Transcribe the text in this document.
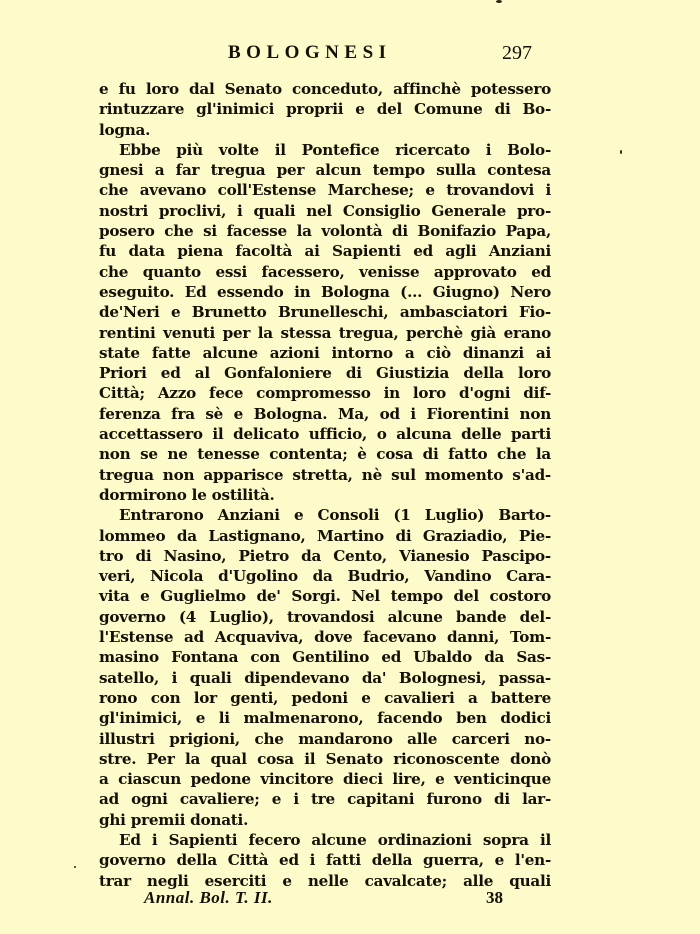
BOLOGNESI	297
e fu loro dal Senato conceduto, affinchè potessero
rintuzzare gl'inimici proprii e del Comune di Bo-
logna.
Ebbe più volte il Pontefice ricercato i Bolo-
gnesi a far tregua per alcun tempo sulla contesa
che avevano coll'Estense Marchese; e trovandovi i
nostri proclivi, i quali nel Consiglio Generale pro-
posero che si facesse la volontà di Bonifazio Papa,
fu data piena facoltà ai Sapienti ed agli Anziani
che quanto essi facessero, venisse approvato ed
eseguito. Ed essendo in Bologna (... Giugno) Nero
de'Neri e Brunetto Brunelleschi, ambasciatori Fio-
rentini venuti per la stessa tregua, perchè già erano
state fatte alcune azioni intorno a ciò dinanzi ai
Priori ed al Gonfaloniere di Giustizia della loro
Città; Azzo fece compromesso in loro d'ogni dif-
ferenza fra sè e Bologna. Ma, od i Fiorentini non
accettassero il delicato ufficio, o alcuna delle parti
non se ne tenesse contenta; è cosa di fatto che la
tregua non apparisce stretta, nè sul momento s'ad-
dormirono le ostilità.
Entrarono Anziani e Consoli (1 Luglio) Barto-
lommeo da Lastignano, Martino di Graziadio, Pie-
tro di Nasino, Pietro da Cento, Vianesio Pascipo-
veri, Nicola d'Ugolino da Budrio, Vandino Cara-
vita e Guglielmo de' Sorgi. Nel tempo del costoro
governo (4 Luglio), trovandosi alcune bande del-
l'Estense ad Acquaviva, dove facevano danni, Tom-
masino Fontana con Gentilino ed Ubaldo da Sas-
satello, i quali dipendevano da' Bolognesi, passa-
rono con lor genti, pedoni e cavalieri a battere
gl'inimici, e li malmenarono, facendo ben dodici
illustri prigioni, che mandarono alle carceri no-
stre. Per la qual cosa il Senato riconoscente donò
a ciascun pedone vincitore dieci lire, e venticinque
ad ogni cavaliere; e i tre capitani furono di lar-
ghi premii donati.
Ed i Sapienti fecero alcune ordinazioni sopra il
governo della Città ed i fatti della guerra, e l'en-
trar negli eserciti e nelle cavalcate; alle quali
Annal. Bol. T. II.	38
